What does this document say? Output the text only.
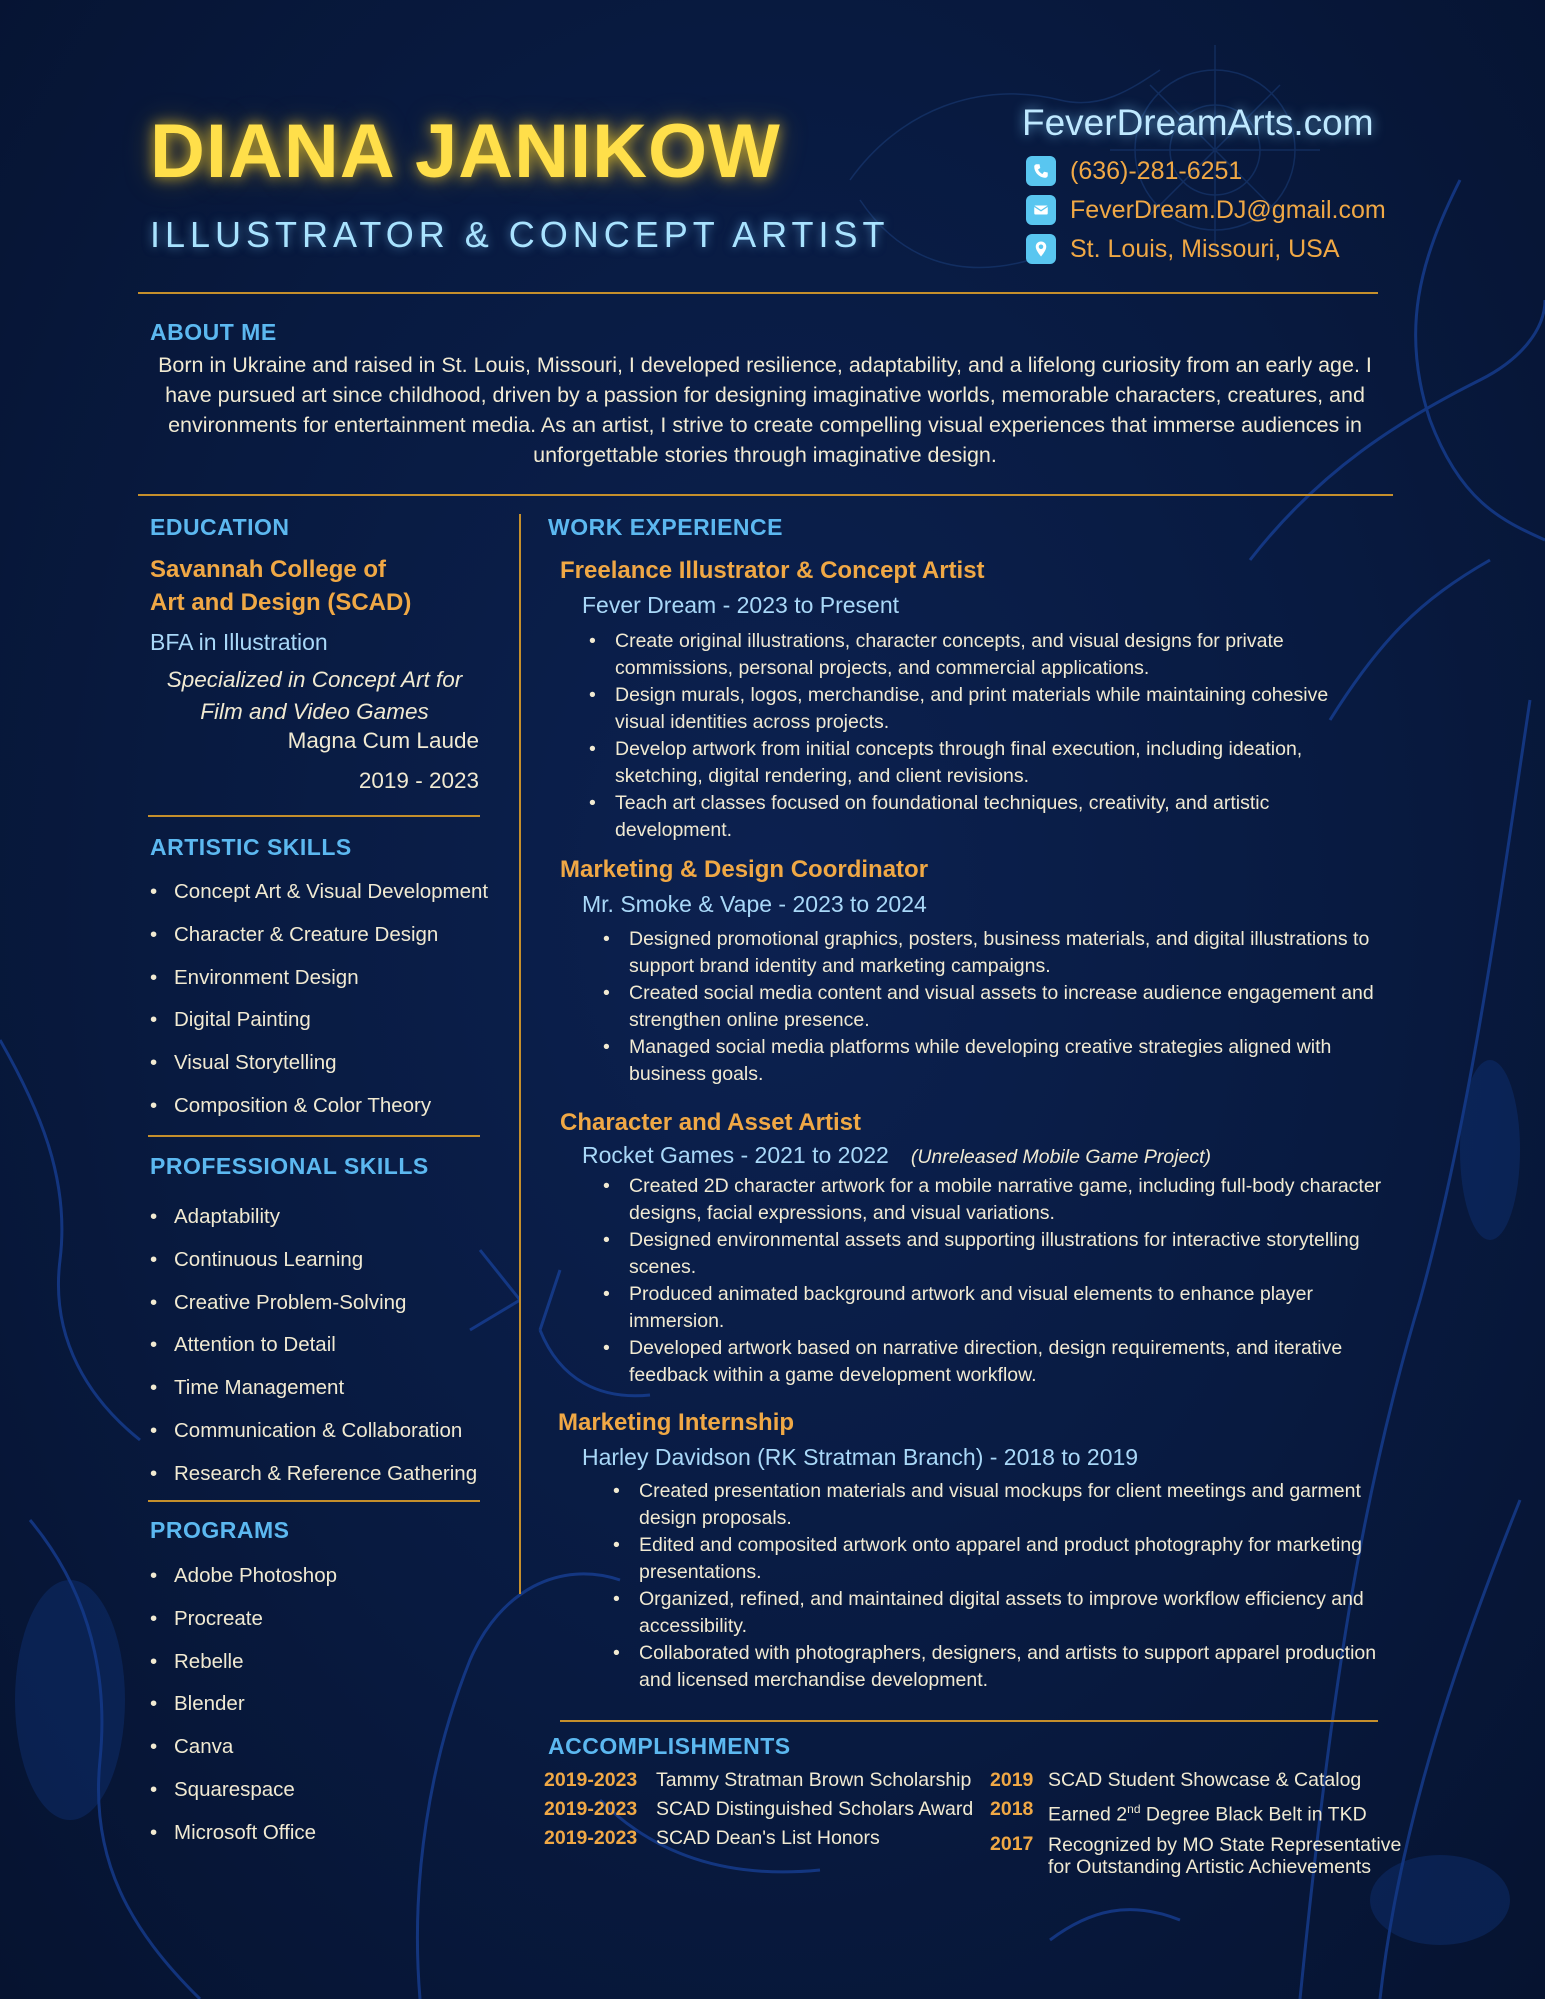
DIANA JANIKOW
ILLUSTRATOR & CONCEPT ARTIST
FeverDreamArts.com
(636)-281-6251
FeverDream.DJ@gmail.com
St. Louis, Missouri, USA
ABOUT ME

Born in Ukraine and raised in St. Louis, Missouri, I developed resilience, adaptability, and a lifelong curiosity from an early age. I have pursued art since childhood, driven by a passion for designing imaginative worlds, memorable characters, creatures, and environments for entertainment media. As an artist, I strive to create compelling visual experiences that immerse audiences in unforgettable stories through imaginative design.

EDUCATION
Savannah College of
Art and Design (SCAD)
BFA in Illustration
Specialized in Concept Art for
Film and Video Games
Magna Cum Laude
2019 - 2023
ARTISTIC SKILLS
• Concept Art & Visual Development
• Character & Creature Design
• Environment Design
• Digital Painting
• Visual Storytelling
• Composition & Color Theory
PROFESSIONAL SKILLS
• Adaptability
• Continuous Learning
• Creative Problem-Solving
• Attention to Detail
• Time Management
• Communication & Collaboration
• Research & Reference Gathering
PROGRAMS
• Adobe Photoshop
• Procreate
• Rebelle
• Blender
• Canva
• Squarespace
• Microsoft Office
WORK EXPERIENCE
Freelance Illustrator & Concept Artist
Fever Dream - 2023 to Present
• Create original illustrations, character concepts, and visual designs for private commissions, personal projects, and commercial applications.
• Design murals, logos, merchandise, and print materials while maintaining cohesive visual identities across projects.
• Develop artwork from initial concepts through final execution, including ideation, sketching, digital rendering, and client revisions.
• Teach art classes focused on foundational techniques, creativity, and artistic development.
Marketing & Design Coordinator
Mr. Smoke & Vape - 2023 to 2024
• Designed promotional graphics, posters, business materials, and digital illustrations to support brand identity and marketing campaigns.
• Created social media content and visual assets to increase audience engagement and strengthen online presence.
• Managed social media platforms while developing creative strategies aligned with business goals.
Character and Asset Artist
Rocket Games - 2021 to 2022 (Unreleased Mobile Game Project)
• Created 2D character artwork for a mobile narrative game, including full-body character designs, facial expressions, and visual variations.
• Designed environmental assets and supporting illustrations for interactive storytelling scenes.
• Produced animated background artwork and visual elements to enhance player immersion.
• Developed artwork based on narrative direction, design requirements, and iterative feedback within a game development workflow.
Marketing Internship
Harley Davidson (RK Stratman Branch) - 2018 to 2019
• Created presentation materials and visual mockups for client meetings and garment design proposals.
• Edited and composited artwork onto apparel and product photography for marketing presentations.
• Organized, refined, and maintained digital assets to improve workflow efficiency and accessibility.
• Collaborated with photographers, designers, and artists to support apparel production and licensed merchandise development.
ACCOMPLISHMENTS
2019-2023 Tammy Stratman Brown Scholarship
2019-2023 SCAD Distinguished Scholars Award
2019-2023 SCAD Dean's List Honors
2019 SCAD Student Showcase & Catalog
2018 Earned 2nd Degree Black Belt in TKD
2017 Recognized by MO State Representative
for Outstanding Artistic Achievements
